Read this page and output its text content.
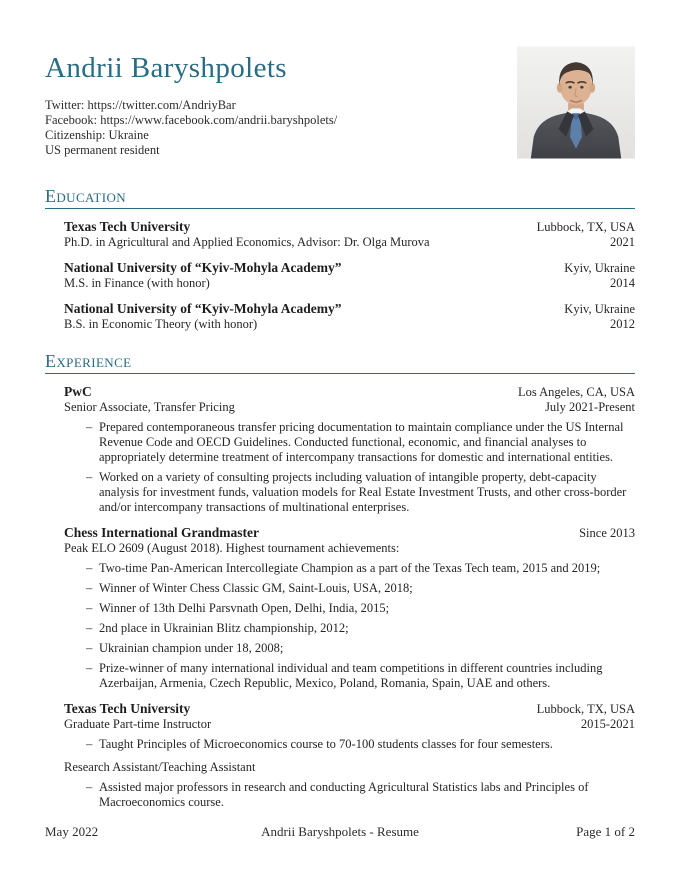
Andrii Baryshpolets
Twitter: https://twitter.com/AndriyBar
Facebook: https://www.facebook.com/andrii.baryshpolets/
Citizenship: Ukraine
US permanent resident
Education
Texas Tech University	Lubbock, TX, USA
Ph.D. in Agricultural and Applied Economics, Advisor: Dr. Olga Murova	2021
National University of “Kyiv-Mohyla Academy”	Kyiv, Ukraine
M.S. in Finance (with honor)	2014
National University of “Kyiv-Mohyla Academy”	Kyiv, Ukraine
B.S. in Economic Theory (with honor)	2012
Experience
PwC	Los Angeles, CA, USA
Senior Associate, Transfer Pricing	July 2021-Present
– Prepared contemporaneous transfer pricing documentation to maintain compliance under the US Internal Revenue Code and OECD Guidelines. Conducted functional, economic, and financial analyses to appropriately determine treatment of intercompany transactions for domestic and international entities.
– Worked on a variety of consulting projects including valuation of intangible property, debt-capacity analysis for investment funds, valuation models for Real Estate Investment Trusts, and other cross-border and/or intercompany transactions of multinational enterprises.
Chess International Grandmaster	Since 2013
Peak ELO 2609 (August 2018). Highest tournament achievements:
– Two-time Pan-American Intercollegiate Champion as a part of the Texas Tech team, 2015 and 2019;
– Winner of Winter Chess Classic GM, Saint-Louis, USA, 2018;
– Winner of 13th Delhi Parsvnath Open, Delhi, India, 2015;
– 2nd place in Ukrainian Blitz championship, 2012;
– Ukrainian champion under 18, 2008;
– Prize-winner of many international individual and team competitions in different countries including Azerbaijan, Armenia, Czech Republic, Mexico, Poland, Romania, Spain, UAE and others.
Texas Tech University	Lubbock, TX, USA
Graduate Part-time Instructor	2015-2021
– Taught Principles of Microeconomics course to 70-100 students classes for four semesters.
Research Assistant/Teaching Assistant
– Assisted major professors in research and conducting Agricultural Statistics labs and Principles of Macroeconomics course.
May 2022	Andrii Baryshpolets - Resume	Page 1 of 2
